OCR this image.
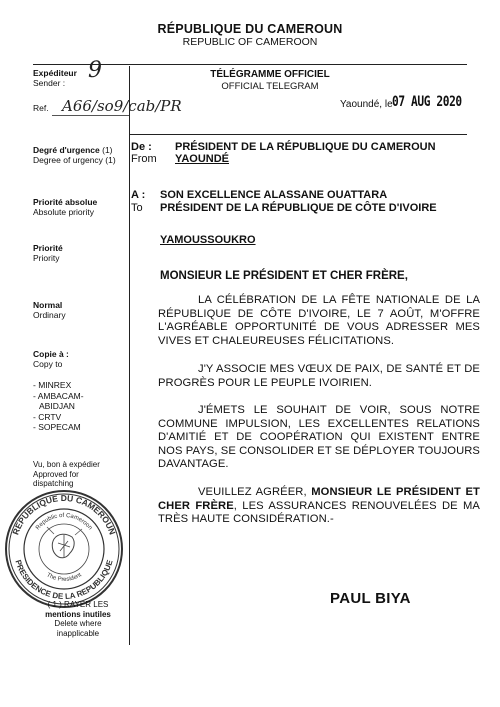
RÉPUBLIQUE DU CAMEROUN
REPUBLIC OF CAMEROON
TÉLÉGRAMME OFFICIEL
OFFICIAL TELEGRAM
Yaoundé, le 07 AUG 2020
9
Expéditeur
Sender :
Ref. A66/so9/cab/PR
Degré d'urgence (1)
Degree of urgency (1)
Priorité absolue
Absolute priority
Priorité
Priority
Normal
Ordinary
Copie à :
Copy to
- MINREX
- AMBACAM-
ABIDJAN
- CRTV
- SOPECAM
Vu, bon à expédier
Approved for
dispatching
REPUBLIQUE DU CAMEROUN
PRESIDENCE DE LA REPUBLIQUE
Republic of Cameroon
The President
( 1 ) RAYER LES
mentions inutiles
Delete where
inapplicable
De : PRÉSIDENT DE LA RÉPUBLIQUE DU CAMEROUN
From YAOUNDÉ
A : SON EXCELLENCE ALASSANE OUATTARA
To PRÉSIDENT DE LA RÉPUBLIQUE DE CÔTE D'IVOIRE
YAMOUSSOUKRO
MONSIEUR LE PRÉSIDENT ET CHER FRÈRE,
LA CÉLÉBRATION DE LA FÊTE NATIONALE DE LA RÉPUBLIQUE DE CÔTE D'IVOIRE, LE 7 AOÛT, M'OFFRE L'AGRÉABLE OPPORTUNITÉ DE VOUS ADRESSER MES VIVES ET CHALEUREUSES FÉLICITATIONS.
J'Y ASSOCIE MES VŒUX DE PAIX, DE SANTÉ ET DE PROGRÈS POUR LE PEUPLE IVOIRIEN.
J'ÉMETS LE SOUHAIT DE VOIR, SOUS NOTRE COMMUNE IMPULSION, LES EXCELLENTES RELATIONS D'AMITIÉ ET DE COOPÉRATION QUI EXISTENT ENTRE NOS PAYS, SE CONSOLIDER ET SE DÉPLOYER TOUJOURS DAVANTAGE.
VEUILLEZ AGRÉER, MONSIEUR LE PRÉSIDENT ET CHER FRÈRE, LES ASSURANCES RENOUVELÉES DE MA TRÈS HAUTE CONSIDÉRATION.-
PAUL BIYA
